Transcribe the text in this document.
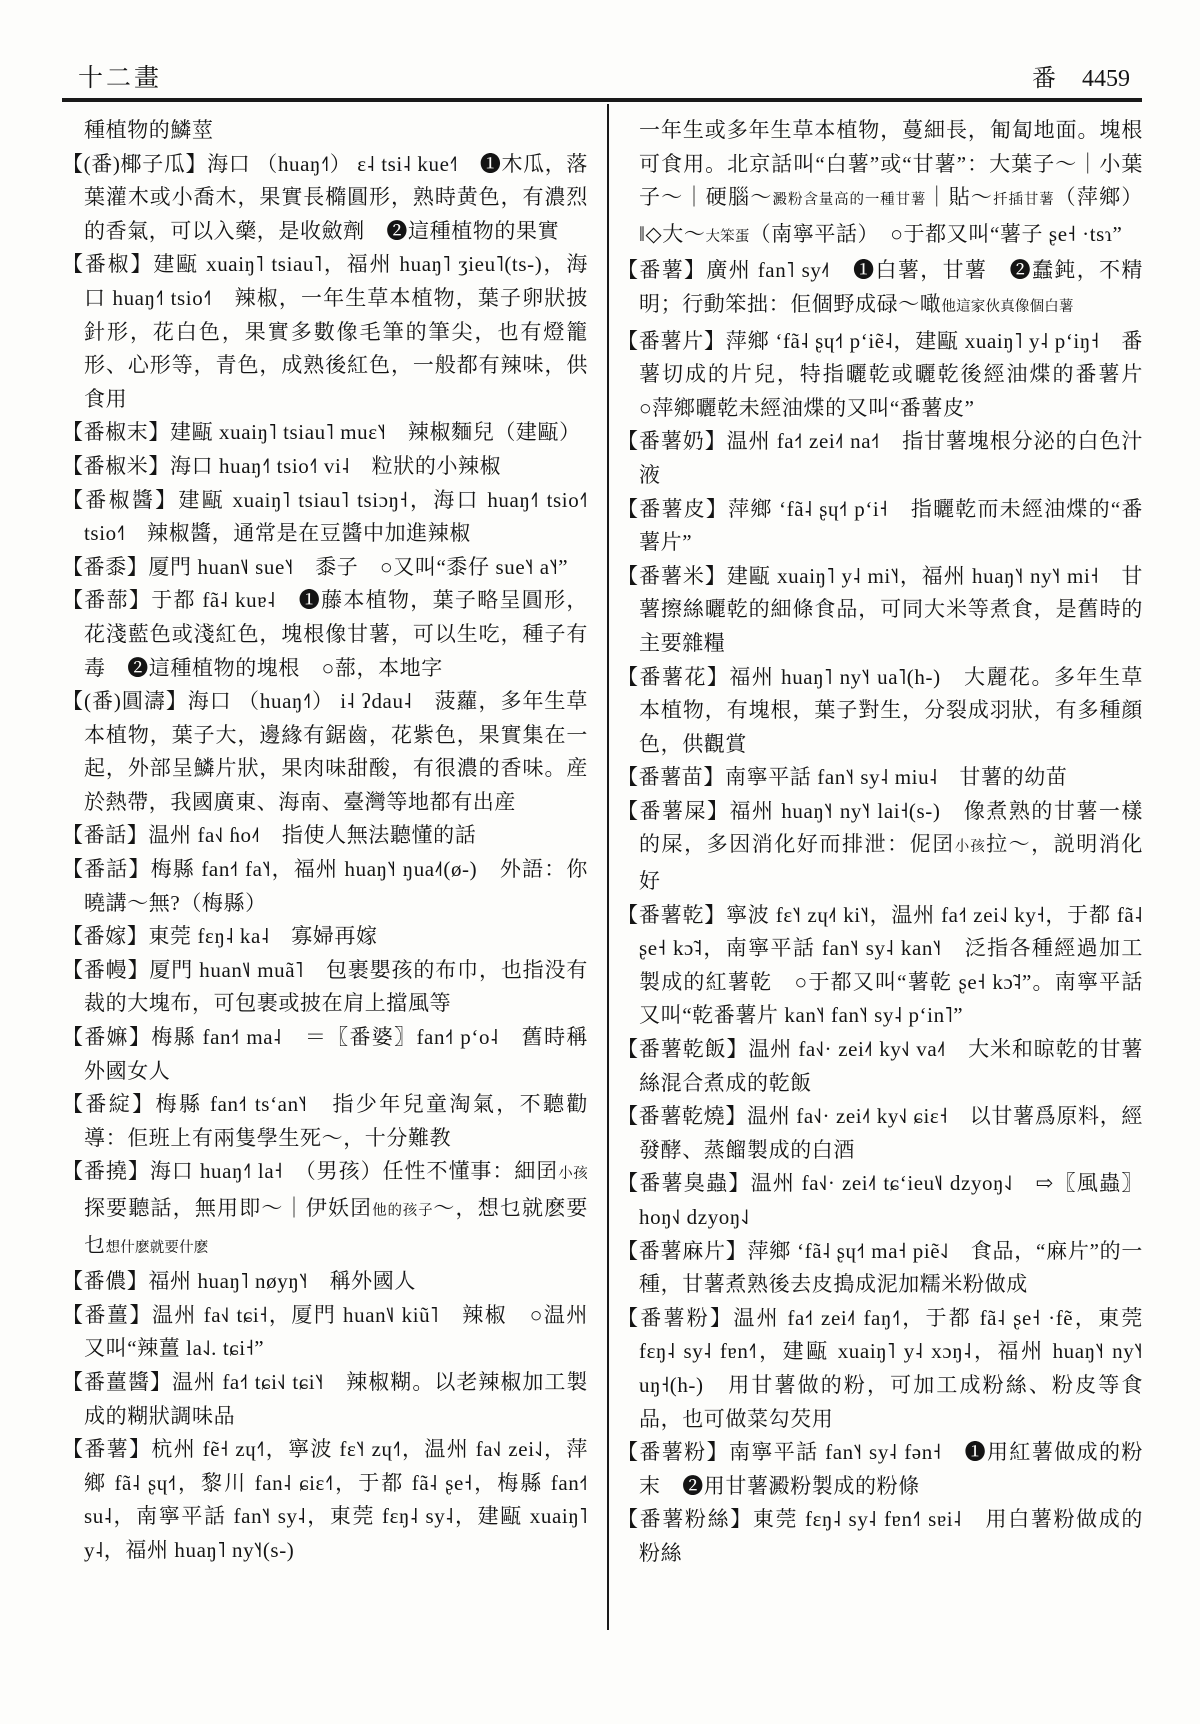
十二畫	番 4459

種植物的鱗莖

【(番)椰子瓜】海口 （huaŋ˧˥） ɛ˨ tsi˨ kue˧˥　❶木瓜，落葉灌木或小喬木，果實長橢圓形，熟時黄色，有濃烈的香氣，可以入藥，是收斂劑　❷這種植物的果實

【番椒】建甌 xuaiŋ˥ tsiau˥，福州 huaŋ˥ ʒieu˥(ts-)，海口 huaŋ˧˥ tsio˧˥　辣椒，一年生草本植物，葉子卵狀披針形，花白色，果實多數像毛筆的筆尖，也有燈籠形、心形等，青色，成熟後紅色，一般都有辣味，供食用

【番椒末】建甌 xuaiŋ˥ tsiau˥ muɛ˥˧　辣椒麵兒（建甌）

【番椒米】海口 huaŋ˧˥ tsio˧˥ vi˨　粒狀的小辣椒

【番椒醬】建甌 xuaiŋ˥ tsiau˥ tsiɔŋ˧，海口 huaŋ˧˥ tsio˧˥ tsio˧˥　辣椒醬，通常是在豆醬中加進辣椒

【番黍】厦門 huan˥˩ sue˥˧　黍子　○又叫“黍仔 sue˥˧ a˥˧”

【番蔀】于都 fã˨ kuɐ˨　❶藤本植物，葉子略呈圓形，花淺藍色或淺紅色，塊根像甘薯，可以生吃，種子有毒　❷這種植物的塊根　○蔀，本地字

【(番)圓濤】海口 （huaŋ˧˥） i˨ ʔdau˨　菠蘿，多年生草本植物，葉子大，邊緣有鋸齒，花紫色，果實集在一起，外部呈鱗片狀，果肉味甜酸，有很濃的香味。産於熱帶，我國廣東、海南、臺灣等地都有出産

【番話】温州 fa˧˩ ɦo˨˦　指使人無法聽懂的話

【番話】梅縣 fan˧˦ fa˥˧，福州 huaŋ˥˧ ŋua˨˦(ø-)　外語：你曉講～無?（梅縣）

【番嫁】東莞 fɛŋ˨ ka˨　寡婦再嫁

【番幔】厦門 huan˥˩ muã˥　包裹嬰孩的布巾，也指没有裁的大塊布，可包裹或披在肩上擋風等

【番嫲】梅縣 fan˧˦ ma˨　＝〖番婆〗fan˧˦ pʻo˨　舊時稱外國女人

【番綻】梅縣 fan˧˦ tsʻan˥˧　指少年兒童淘氣，不聽勸導：佢班上有兩隻學生死～，十分難教

【番撓】海口 huaŋ˧˥ la˧　（男孩）任性不懂事：細囝小孩探要聽話，無用即～｜伊妖囝他的孩子～，想乜就麽要乜想什麽就要什麽

【番儂】福州 huaŋ˥ nøyŋ˥˧　稱外國人

【番薑】温州 fa˧˩ tɕi˧，厦門 huan˥˩ kiũ˥　辣椒　○温州又叫“辣薑 la˨˩. tɕi˧”

【番薑醬】温州 fa˧˦ tɕi˧˩ tɕi˥˧　辣椒糊。以老辣椒加工製成的糊狀調味品

【番薯】杭州 fẽ˧ zɥ˧˥，寧波 fɛ˥˧ zɥ˧˥，温州 fa˧˩ zei˨˩，萍鄉 fã˨ ʂɥ˧˦，黎川 fan˨ ɕiɛ˧˥，于都 fã˨ ʂe˧，梅縣 fan˧˦ su˨，南寧平話 fan˥˧ sy˨，東莞 fɛŋ˨ sy˨，建甌 xuaiŋ˥ y˨，福州 huaŋ˥ ny˥˧(s-)

一年生或多年生草本植物，蔓細長，匍匐地面。塊根可食用。北京話叫“白薯”或“甘薯”：大葉子～｜小葉子～｜硬腦～澱粉含量高的一種甘薯｜貼～扦插甘薯（萍鄉）‖◇大～大笨蛋（南寧平話）　○于都又叫“薯子 ʂe˧ ·tsɿ”

【番薯】廣州 fan˥ sy˨˦　❶白薯，甘薯　❷蠢鈍，不精明；行動笨拙：佢個野成碌～噉他這家伙真像個白薯

【番薯片】萍鄉 ʻfã˨ ʂɥ˧˦ pʻiẽ˨，建甌 xuaiŋ˥ y˨ pʻiŋ˧　番薯切成的片兒，特指曬乾或曬乾後經油煠的番薯片　○萍鄉曬乾未經油煠的又叫“番薯皮”

【番薯奶】温州 fa˧˦ zei˨˦ na˧˦　指甘薯塊根分泌的白色汁液

【番薯皮】萍鄉 ʻfã˨ ʂɥ˧˦ pʻi˧　指曬乾而未經油煠的“番薯片”

【番薯米】建甌 xuaiŋ˥ y˨ mi˥˧，福州 huaŋ˥˧ ny˥˧ mi˧　甘薯擦絲曬乾的細條食品，可同大米等煮食，是舊時的主要雜糧

【番薯花】福州 huaŋ˥ ny˥˧ ua˥(h-)　大麗花。多年生草本植物，有塊根，葉子對生，分裂成羽狀，有多種顔色，供觀賞

【番薯苗】南寧平話 fan˥˧ sy˨ miu˨　甘薯的幼苗

【番薯屎】福州 huaŋ˥˧ ny˥˧ lai˧(s-)　像煮熟的甘薯一樣的屎，多因消化好而排泄：伲囝小孩拉～，説明消化好

【番薯乾】寧波 fɛ˥˧ zɥ˨˦ ki˥˧，温州 fa˧˦ zei˨˩ ky˧，于都 fã˨ ʂe˧ kɔ̃˨，南寧平話 fan˥˧ sy˨ kan˥˧　泛指各種經過加工製成的紅薯乾　○于都又叫“薯乾 ʂe˧ kɔ̃˨”。南寧平話又叫“乾番薯片 kan˥˧ fan˥˧ sy˨ pʻin˥”

【番薯乾飯】温州 fa˧˩· zei˨˦ ky˧˩ va˨˦　大米和晾乾的甘薯絲混合煮成的乾飯

【番薯乾燒】温州 fa˧˩· zei˨˦ ky˧˩ ɕiɛ˧　以甘薯爲原料，經發酵、蒸餾製成的白酒

【番薯臭蟲】温州 fa˧˩· zei˨˦ tɕʻieu˥˩ dzyoŋ˨˩　⇨〖風蟲〗hoŋ˧˩ dzyoŋ˨˩

【番薯麻片】萍鄉 ʻfã˨ ʂɥ˧˦ ma˧ piẽ˨˩　食品，“麻片”的一種，甘薯煮熟後去皮搗成泥加糯米粉做成

【番薯粉】温州 fa˧˦ zei˨˦ faŋ˧˥，于都 fã˨ ʂe˧ ·fẽ，東莞 fɛŋ˨ sy˨ fɐn˧˥，建甌 xuaiŋ˥ y˨ xɔŋ˨，福州 huaŋ˥˧ ny˥˧ uŋ˧(h-)　用甘薯做的粉，可加工成粉絲、粉皮等食品，也可做菜勾芡用

【番薯粉】南寧平話 fan˥˧ sy˨ fən˧　❶用紅薯做成的粉末　❷用甘薯澱粉製成的粉條

【番薯粉絲】東莞 fɛŋ˨ sy˨ fɐn˧˥ sɐi˨　用白薯粉做成的粉絲
